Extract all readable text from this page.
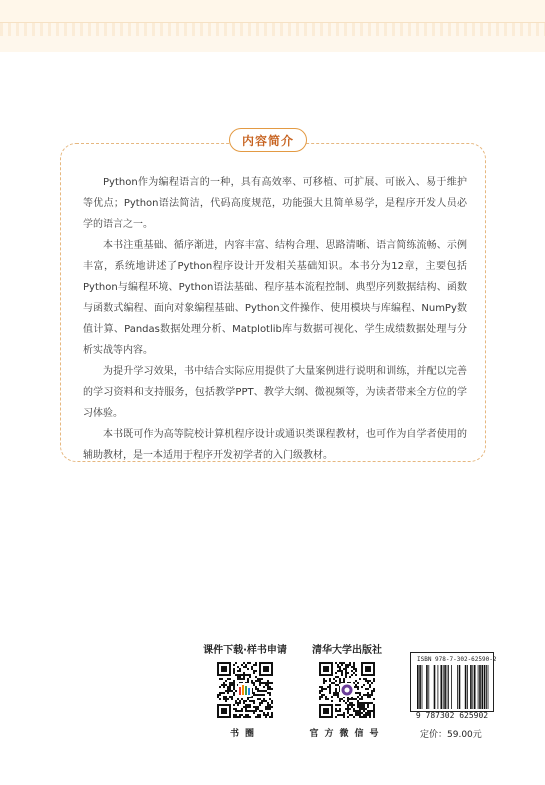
内容简介

Python作为编程语言的一种，具有高效率、可移植、可扩展、可嵌入、易于维护等优点；Python语法简洁，代码高度规范，功能强大且简单易学，是程序开发人员必学的语言之一。

本书注重基础、循序渐进，内容丰富、结构合理、思路清晰、语言简练流畅、示例丰富，系统地讲述了Python程序设计开发相关基础知识。本书分为12章，主要包括Python与编程环境、Python语法基础、程序基本流程控制、典型序列数据结构、函数与函数式编程、面向对象编程基础、Python文件操作、使用模块与库编程、NumPy数值计算、Pandas数据处理分析、Matplotlib库与数据可视化、学生成绩数据处理与分析实战等内容。

为提升学习效果，书中结合实际应用提供了大量案例进行说明和训练，并配以完善的学习资料和支持服务，包括教学PPT、教学大纲、微视频等，为读者带来全方位的学习体验。

本书既可作为高等院校计算机程序设计或通识类课程教材，也可作为自学者使用的辅助教材，是一本适用于程序开发初学者的入门级教材。

课件下载·样书申请
书圈
清华大学出版社
官方微信号
ISBN 978-7-302-62590-2
9 787302 625902
定价：59.00元
